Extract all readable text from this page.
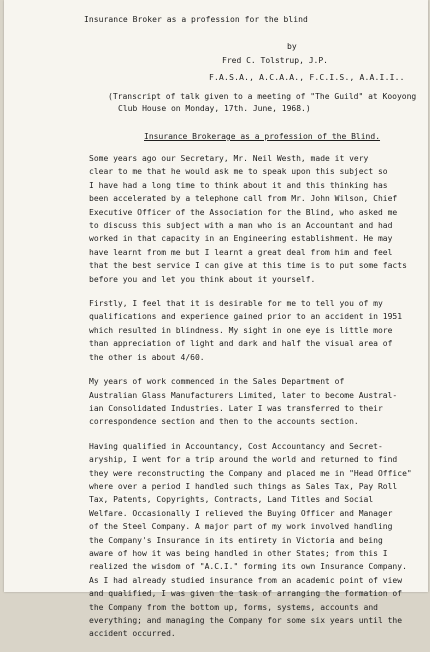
Insurance Broker as a profession for the blind
by
Fred C. Tolstrup, J.P.
F.A.S.A., A.C.A.A., F.C.I.S., A.A.I.I..
(Transcript of talk given to a meeting of "The Guild" at Kooyong
Club House on Monday, 17th. June, 1968.)
Insurance Brokerage as a profession of the Blind.
Some years ago our Secretary, Mr. Neil Westh, made it very
clear to me that he would ask me to speak upon this subject so
I have had a long time to think about it and this thinking has
been accelerated by a telephone call from Mr. John Wilson, Chief
Executive Officer of the Association for the Blind, who asked me
to discuss this subject with a man who is an Accountant and had
worked in that capacity in an Engineering establishment. He may
have learnt from me but I learnt a great deal from him and feel
that the best service I can give at this time is to put some facts
before you and let you think about it yourself.
Firstly, I feel that it is desirable for me to tell you of my
qualifications and experience gained prior to an accident in 1951
which resulted in blindness. My sight in one eye is little more
than appreciation of light and dark and half the visual area of
the other is about 4/60.
My years of work commenced in the Sales Department of
Australian Glass Manufacturers Limited, later to become Austral-
ian Consolidated Industries. Later I was transferred to their
correspondence section and then to the accounts section.
Having qualified in Accountancy, Cost Accountancy and Secret-
aryship, I went for a trip around the world and returned to find
they were reconstructing the Company and placed me in "Head Office"
where over a period I handled such things as Sales Tax, Pay Roll
Tax, Patents, Copyrights, Contracts, Land Titles and Social
Welfare. Occasionally I relieved the Buying Officer and Manager
of the Steel Company. A major part of my work involved handling
the Company's Insurance in its entirety in Victoria and being
aware of how it was being handled in other States; from this I
realized the wisdom of "A.C.I." forming its own Insurance Company.
As I had already studied insurance from an academic point of view
and qualified, I was given the task of arranging the formation of
the Company from the bottom up, forms, systems, accounts and
everything; and managing the Company for some six years until the
accident occurred.
